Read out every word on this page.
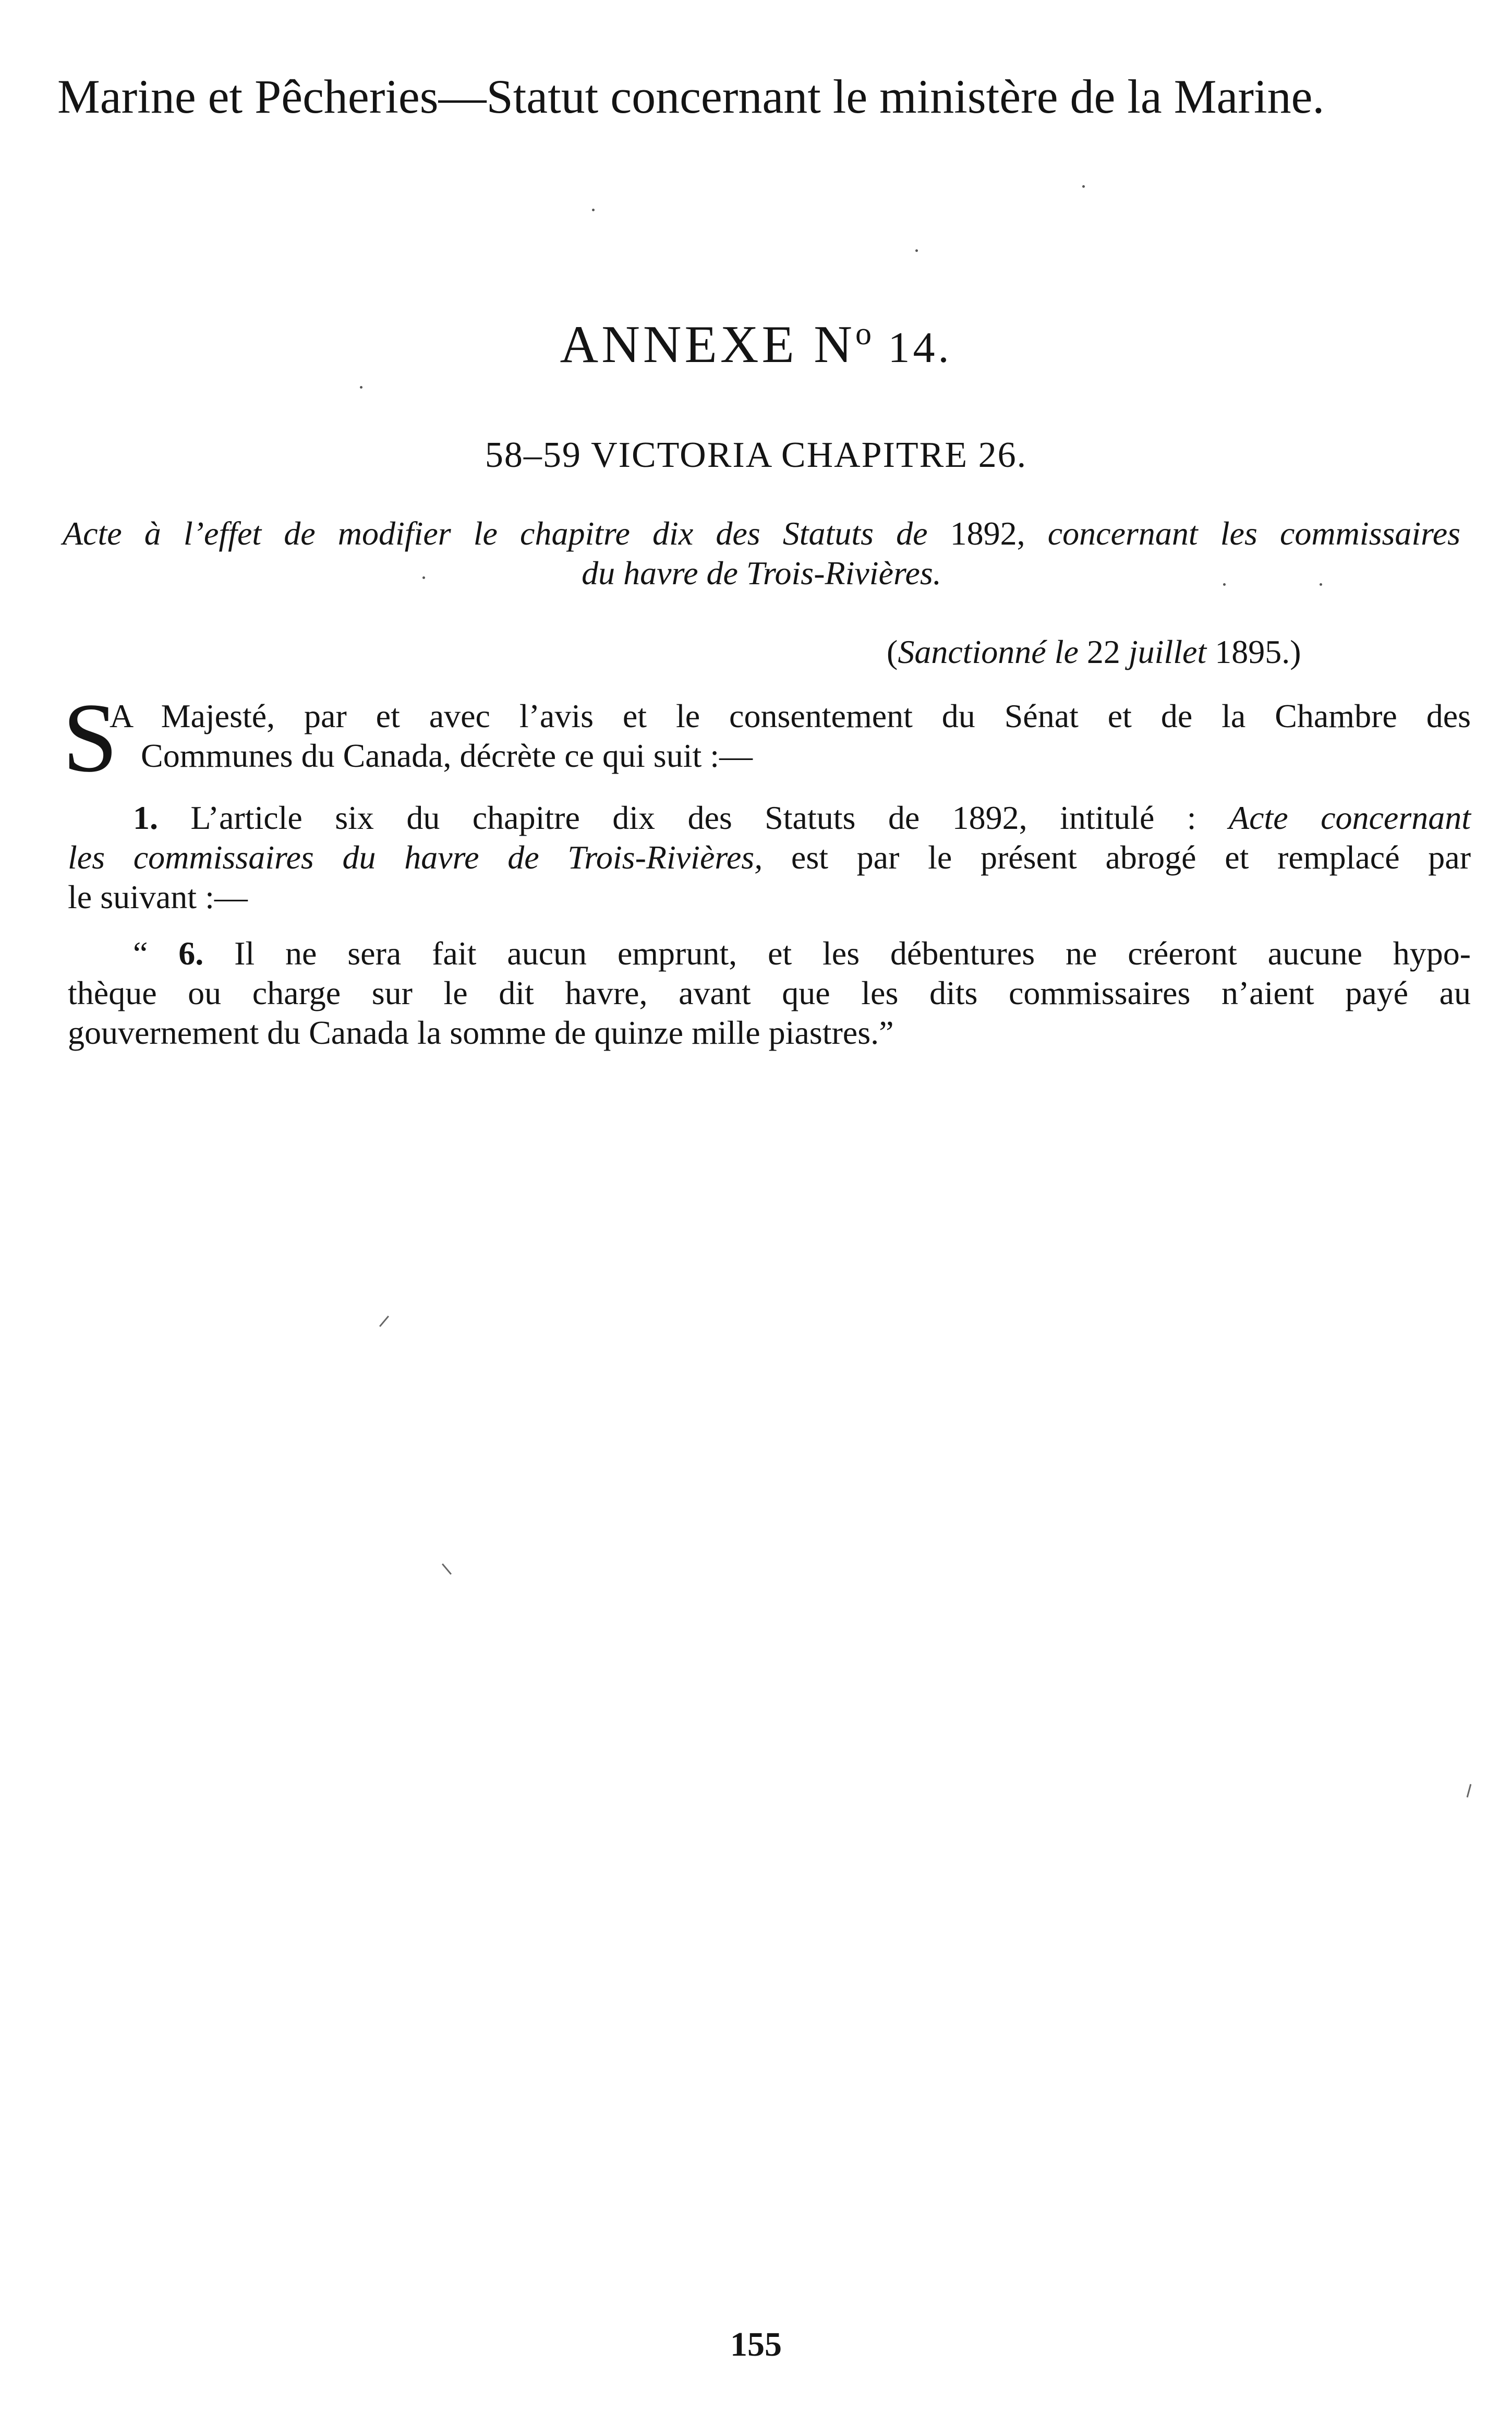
Marine et Pêcheries—Statut concernant le ministère de la Marine.
ANNEXE $N^o$ 14.
58–59 VICTORIA CHAPITRE 26.
Acte à l’effet de modifier le chapitre dix des Statuts de 1892, concernant les commissaires
du havre de Trois-Rivières.
(Sanctionné le 22 juillet 1895.)
S
A Majesté, par et avec l’avis et le consentement du Sénat et de la Chambre des
Communes du Canada, décrète ce qui suit :—
1. L’article six du chapitre dix des Statuts de 1892, intitulé : Acte concernant
les commissaires du havre de Trois-Rivières, est par le présent abrogé et remplacé par
le suivant :—
“ 6. Il ne sera fait aucun emprunt, et les débentures ne créeront aucune hypo-
thèque ou charge sur le dit havre, avant que les dits commissaires n’aient payé au
gouvernement du Canada la somme de quinze mille piastres.”
155
